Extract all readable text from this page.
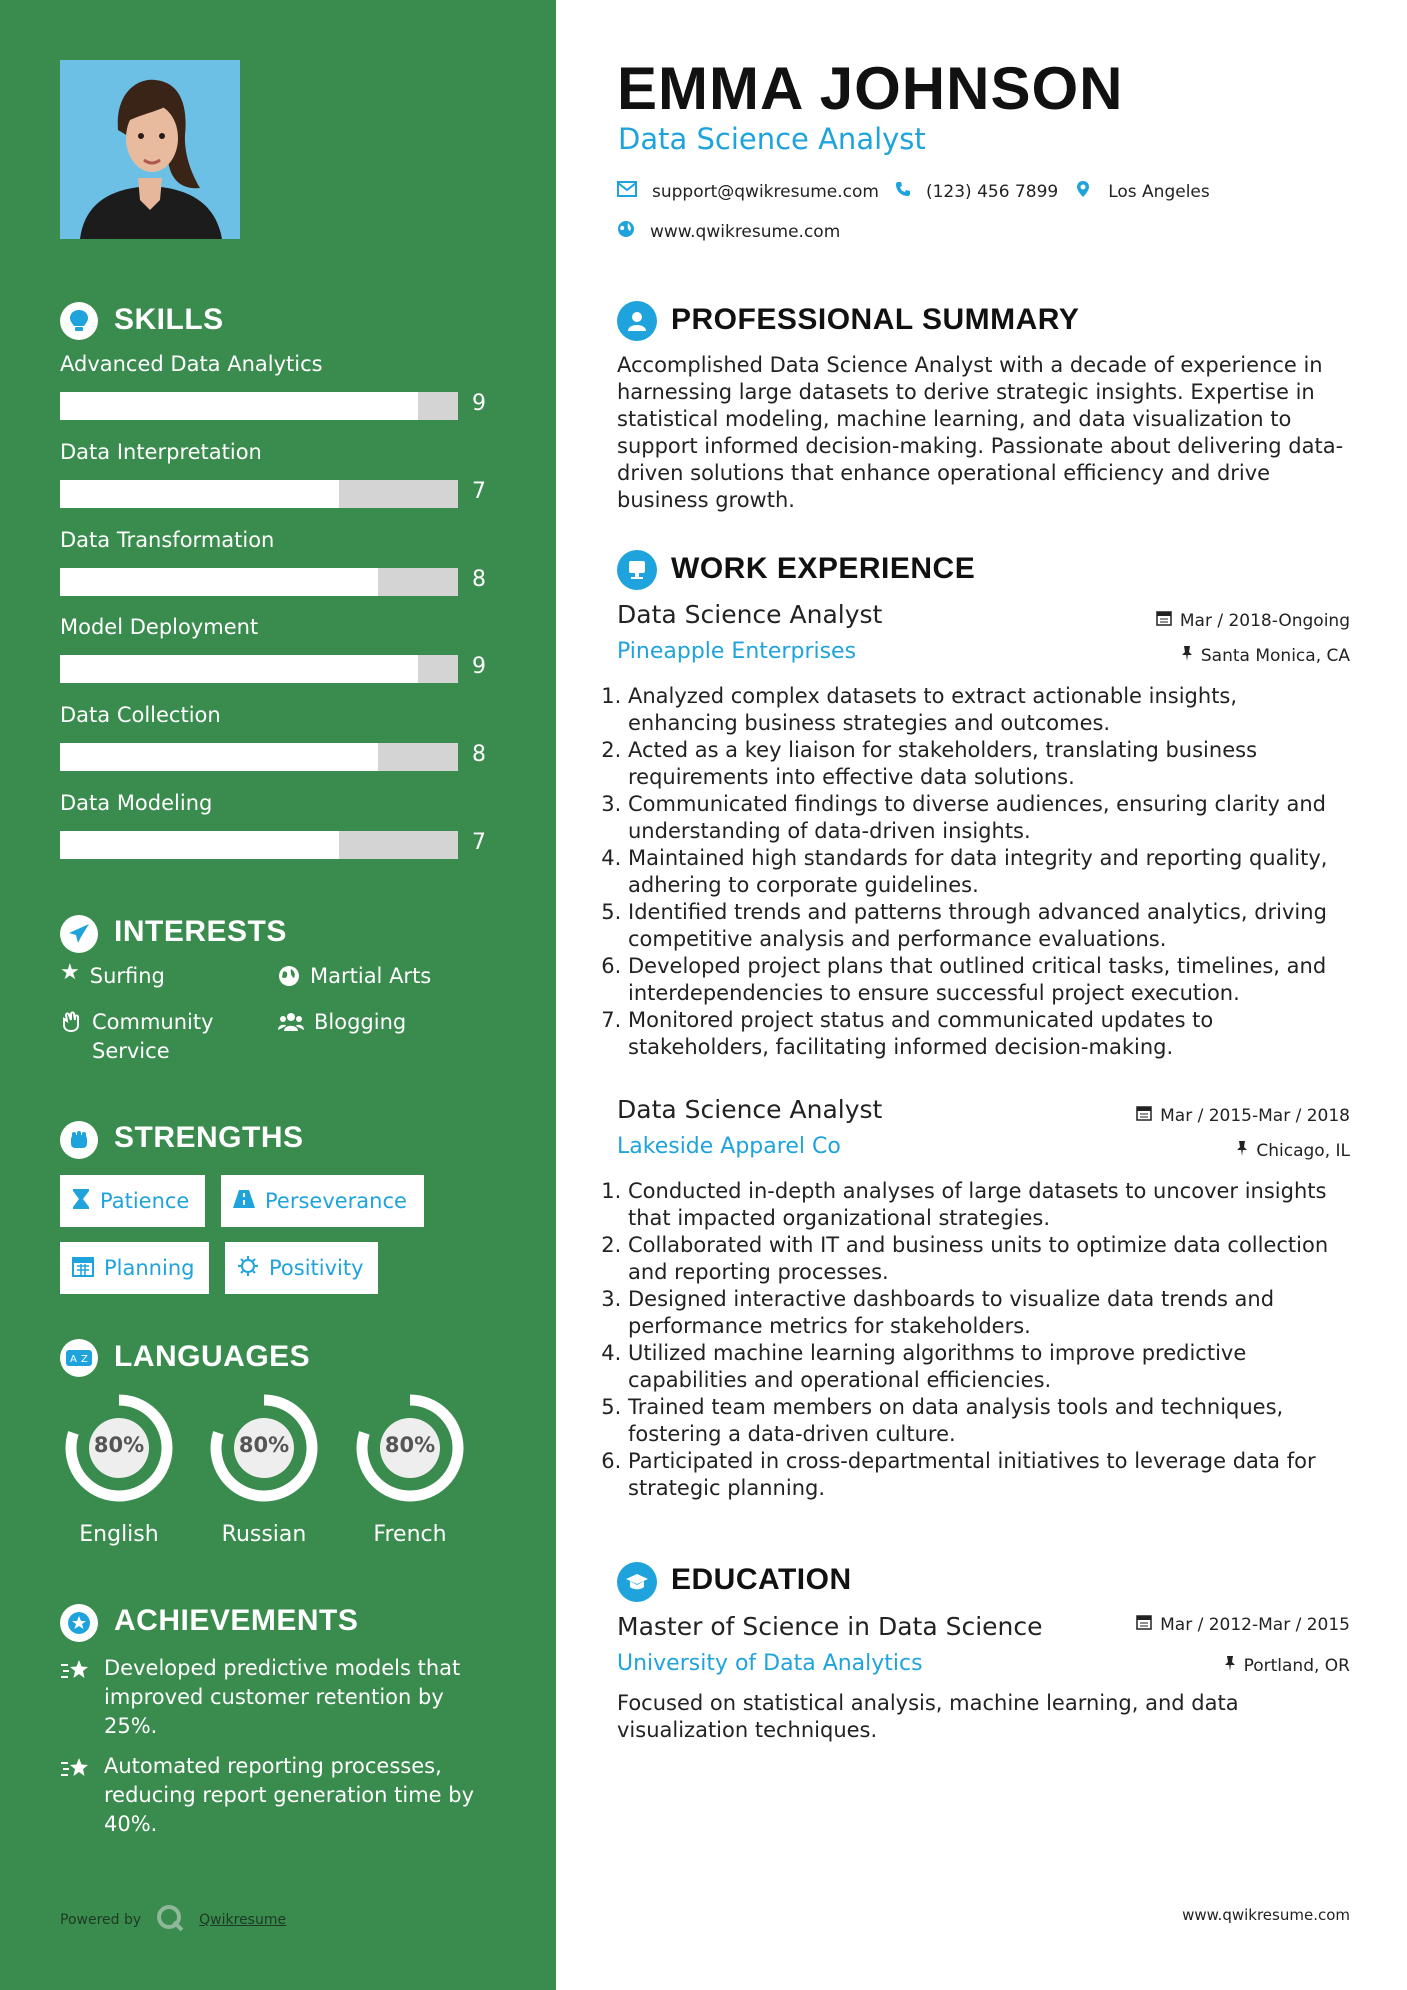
SKILLS
Advanced Data Analytics
9
Data Interpretation
7
Data Transformation
8
Model Deployment
9
Data Collection
8
Data Modeling
7
INTERESTS
★ Surfing	Martial Arts
Community Service
Blogging
STRENGTHS
Patience	Perseverance
Planning	Positivity
A Z LANGUAGES
80%
English
80%
Russian
80%
French
ACHIEVEMENTS
Developed predictive models that improved customer retention by 25%.
Automated reporting processes, reducing report generation time by 40%.
Powered by	Qwikresume
EMMA JOHNSON
Data Science Analyst
support@qwikresume.com	(123) 456 7899	Los Angeles
www.qwikresume.com
PROFESSIONAL SUMMARY
Accomplished Data Science Analyst with a decade of experience in harnessing large datasets to derive strategic insights. Expertise in statistical modeling, machine learning, and data visualization to support informed decision-making. Passionate about delivering data-driven solutions that enhance operational efficiency and drive business growth.
WORK EXPERIENCE
Data Science Analyst
Pineapple Enterprises
Mar / 2018-Ongoing
Santa Monica, CA
1. Analyzed complex datasets to extract actionable insights, enhancing business strategies and outcomes.
2. Acted as a key liaison for stakeholders, translating business requirements into effective data solutions.
3. Communicated findings to diverse audiences, ensuring clarity and understanding of data-driven insights.
4. Maintained high standards for data integrity and reporting quality, adhering to corporate guidelines.
5. Identified trends and patterns through advanced analytics, driving competitive analysis and performance evaluations.
6. Developed project plans that outlined critical tasks, timelines, and interdependencies to ensure successful project execution.
7. Monitored project status and communicated updates to stakeholders, facilitating informed decision-making.
Data Science Analyst
Lakeside Apparel Co
Mar / 2015-Mar / 2018
Chicago, IL
1. Conducted in-depth analyses of large datasets to uncover insights that impacted organizational strategies.
2. Collaborated with IT and business units to optimize data collection and reporting processes.
3. Designed interactive dashboards to visualize data trends and performance metrics for stakeholders.
4. Utilized machine learning algorithms to improve predictive capabilities and operational efficiencies.
5. Trained team members on data analysis tools and techniques, fostering a data-driven culture.
6. Participated in cross-departmental initiatives to leverage data for strategic planning.
EDUCATION
Master of Science in Data Science
University of Data Analytics
Mar / 2012-Mar / 2015
Portland, OR
Focused on statistical analysis, machine learning, and data visualization techniques.
www.qwikresume.com
